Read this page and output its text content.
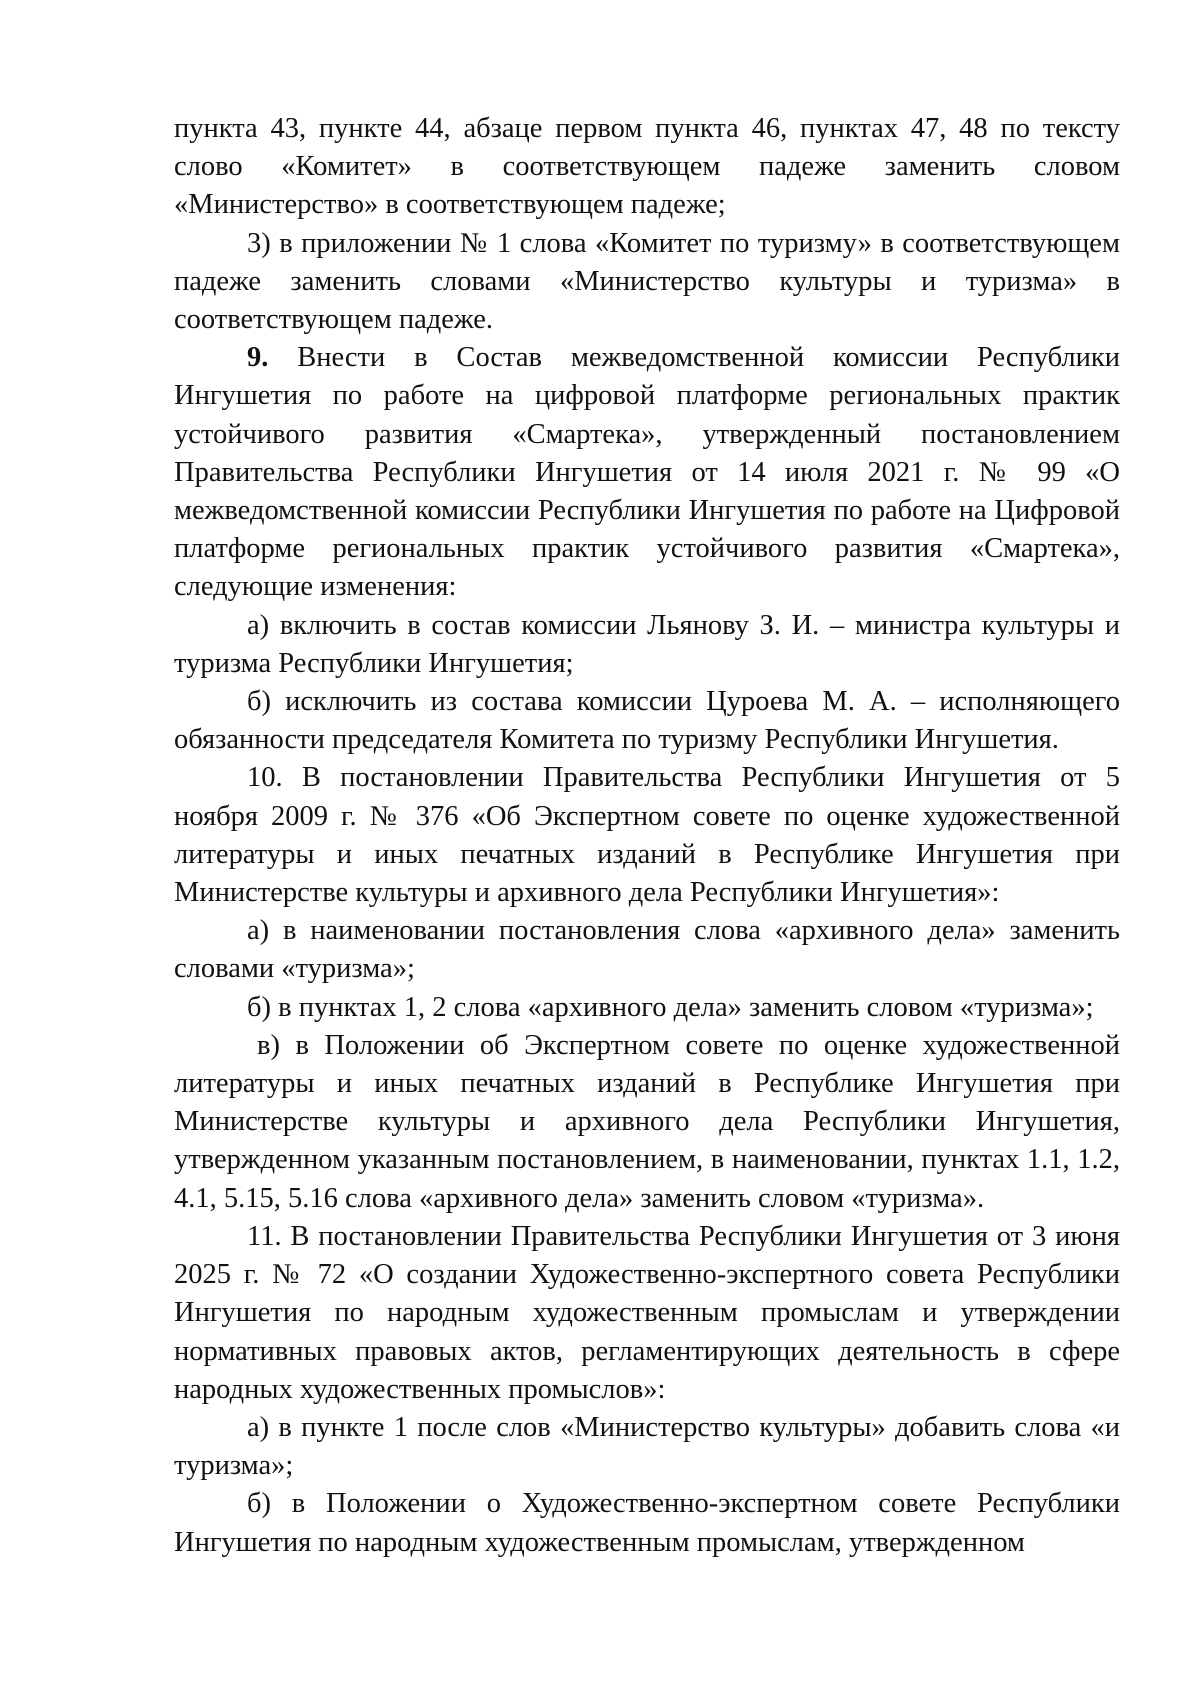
пункта 43, пункте 44, абзаце первом пункта 46, пунктах 47, 48 по тексту слово «Комитет» в соответствующем падеже заменить словом «Министерство» в соответствующем падеже;

3) в приложении № 1 слова «Комитет по туризму» в соответствующем падеже заменить словами «Министерство культуры и туризма» в соответствующем падеже.

9. Внести в Состав межведомственной комиссии Республики Ингушетия по работе на цифровой платформе региональных практик устойчивого развития «Смартека», утвержденный постановлением Правительства Республики Ингушетия от 14 июля 2021 г. № 99 «О межведомственной комиссии Республики Ингушетия по работе на Цифровой платформе региональных практик устойчивого развития «Смартека», следующие изменения:

а) включить в состав комиссии Льянову З. И. – министра культуры и туризма Республики Ингушетия;

б) исключить из состава комиссии Цуроева М. А. – исполняющего обязанности председателя Комитета по туризму Республики Ингушетия.

10. В постановлении Правительства Республики Ингушетия от 5 ноября 2009 г. № 376 «Об Экспертном совете по оценке художественной литературы и иных печатных изданий в Республике Ингушетия при Министерстве культуры и архивного дела Республики Ингушетия»:

а) в наименовании постановления слова «архивного дела» заменить словами «туризма»;

б) в пунктах 1, 2 слова «архивного дела» заменить словом «туризма»;

в) в Положении об Экспертном совете по оценке художественной литературы и иных печатных изданий в Республике Ингушетия при Министерстве культуры и архивного дела Республики Ингушетия, утвержденном указанным постановлением, в наименовании, пунктах 1.1, 1.2, 4.1, 5.15, 5.16 слова «архивного дела» заменить словом «туризма».

11. В постановлении Правительства Республики Ингушетия от 3 июня 2025 г. № 72 «О создании Художественно-экспертного совета Республики Ингушетия по народным художественным промыслам и утверждении нормативных правовых актов, регламентирующих деятельность в сфере народных художественных промыслов»:

а) в пункте 1 после слов «Министерство культуры» добавить слова «и туризма»;

б) в Положении о Художественно-экспертном совете Республики Ингушетия по народным художественным промыслам, утвержденном
